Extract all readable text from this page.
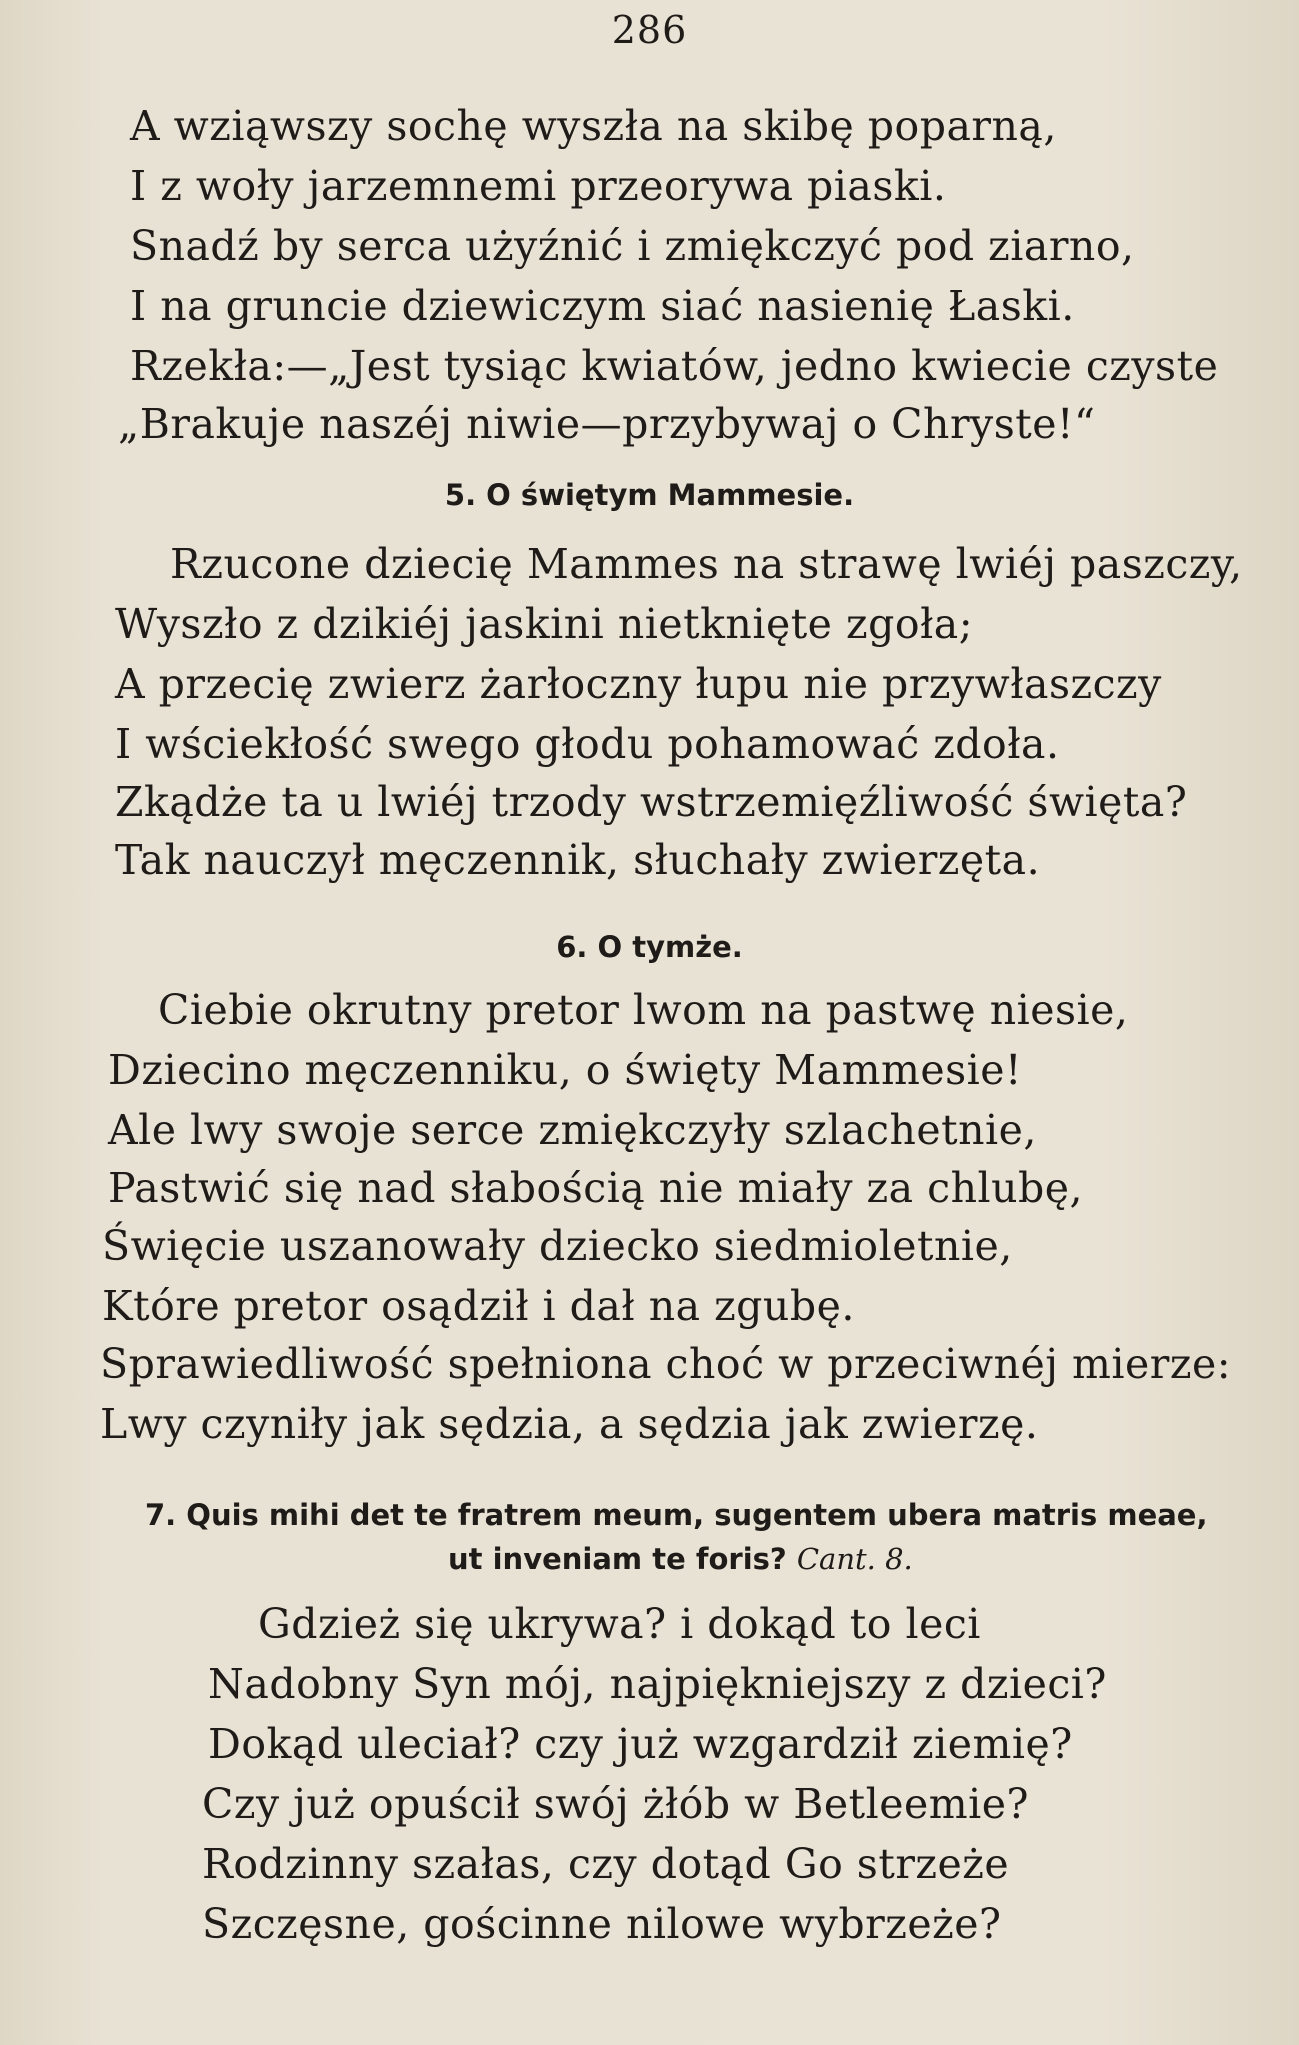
286
A wziąwszy sochę wyszła na skibę poparną,
I z woły jarzemnemi przeorywa piaski.
Snadź by serca użyźnić i zmiękczyć pod ziarno,
I na gruncie dziewiczym siać nasienię Łaski.
Rzekła:—„Jest tysiąc kwiatów, jedno kwiecie czyste
„Brakuje naszéj niwie—przybywaj o Chryste!“
5. O świętym Mammesie.
Rzucone dziecię Mammes na strawę lwiéj paszczy,
Wyszło z dzikiéj jaskini nietknięte zgoła;
A przecię zwierz żarłoczny łupu nie przywłaszczy
I wściekłość swego głodu pohamować zdoła.
Zkądże ta u lwiéj trzody wstrzemięźliwość święta?
Tak nauczył męczennik, słuchały zwierzęta.
6. O tymże.
Ciebie okrutny pretor lwom na pastwę niesie,
Dziecino męczenniku, o święty Mammesie!
Ale lwy swoje serce zmiękczyły szlachetnie,
Pastwić się nad słabością nie miały za chlubę,
Święcie uszanowały dziecko siedmioletnie,
Które pretor osądził i dał na zgubę.
Sprawiedliwość spełniona choć w przeciwnéj mierze:
Lwy czyniły jak sędzia, a sędzia jak zwierzę.
7. Quis mihi det te fratrem meum, sugentem ubera matris meae,
ut inveniam te foris? Cant. 8.
Gdzież się ukrywa? i dokąd to leci
Nadobny Syn mój, najpiękniejszy z dzieci?
Dokąd uleciał? czy już wzgardził ziemię?
Czy już opuścił swój żłób w Betleemie?
Rodzinny szałas, czy dotąd Go strzeże
Szczęsne, gościnne nilowe wybrzeże?
